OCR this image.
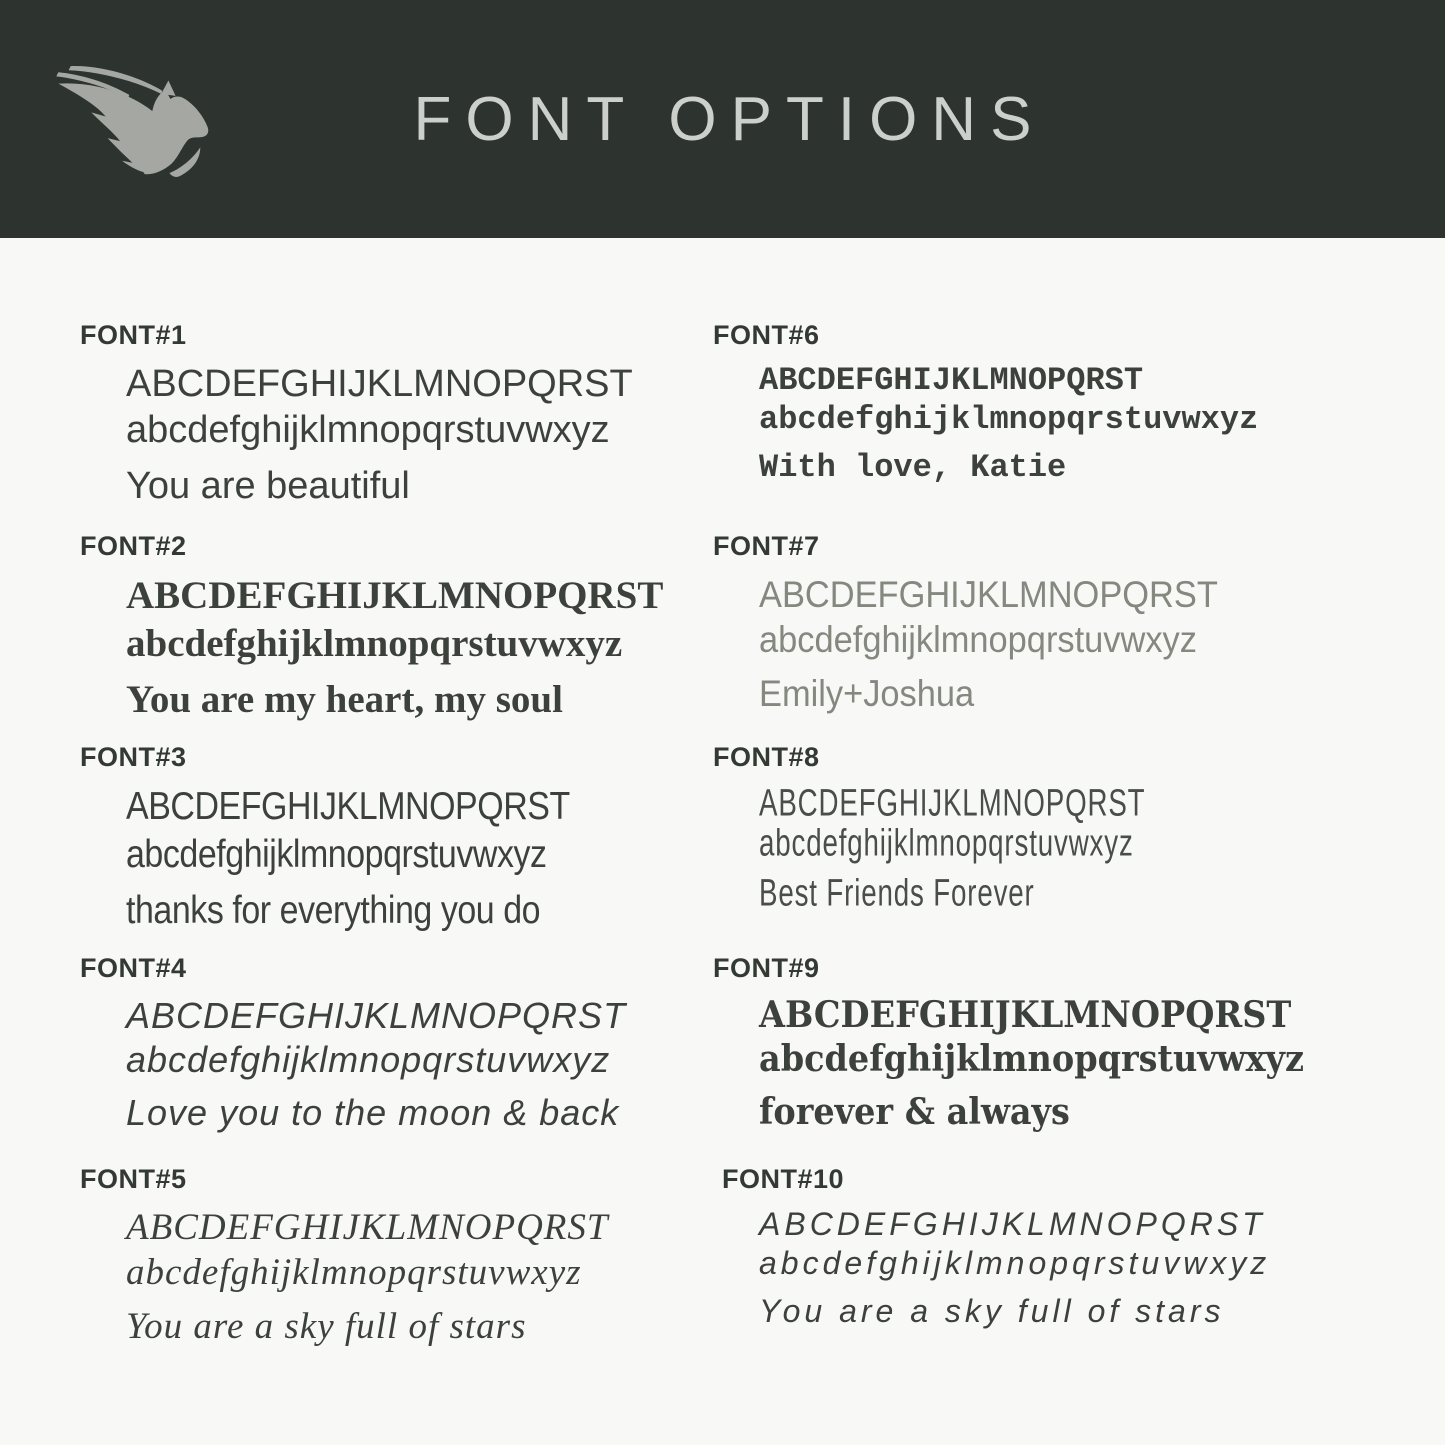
FONT OPTIONS
FONT#1
ABCDEFGHIJKLMNOPQRST
abcdefghijklmnopqrstuvwxyz
You are beautiful
FONT#2
ABCDEFGHIJKLMNOPQRST
abcdefghijklmnopqrstuvwxyz
You are my heart, my soul
FONT#3
ABCDEFGHIJKLMNOPQRST
abcdefghijklmnopqrstuvwxyz
thanks for everything you do
FONT#4
ABCDEFGHIJKLMNOPQRST
abcdefghijklmnopqrstuvwxyz
Love you to the moon & back
FONT#5
ABCDEFGHIJKLMNOPQRST
abcdefghijklmnopqrstuvwxyz
You are a sky full of stars
FONT#6
ABCDEFGHIJKLMNOPQRST
abcdefghijklmnopqrstuvwxyz
With love, Katie
FONT#7
ABCDEFGHIJKLMNOPQRST
abcdefghijklmnopqrstuvwxyz
Emily+Joshua
FONT#8
ABCDEFGHIJKLMNOPQRST
abcdefghijklmnopqrstuvwxyz
Best Friends Forever
FONT#9
ABCDEFGHIJKLMNOPQRST
abcdefghijklmnopqrstuvwxyz
forever & always
FONT#10
ABCDEFGHIJKLMNOPQRST
abcdefghijklmnopqrstuvwxyz
You are a sky full of stars
